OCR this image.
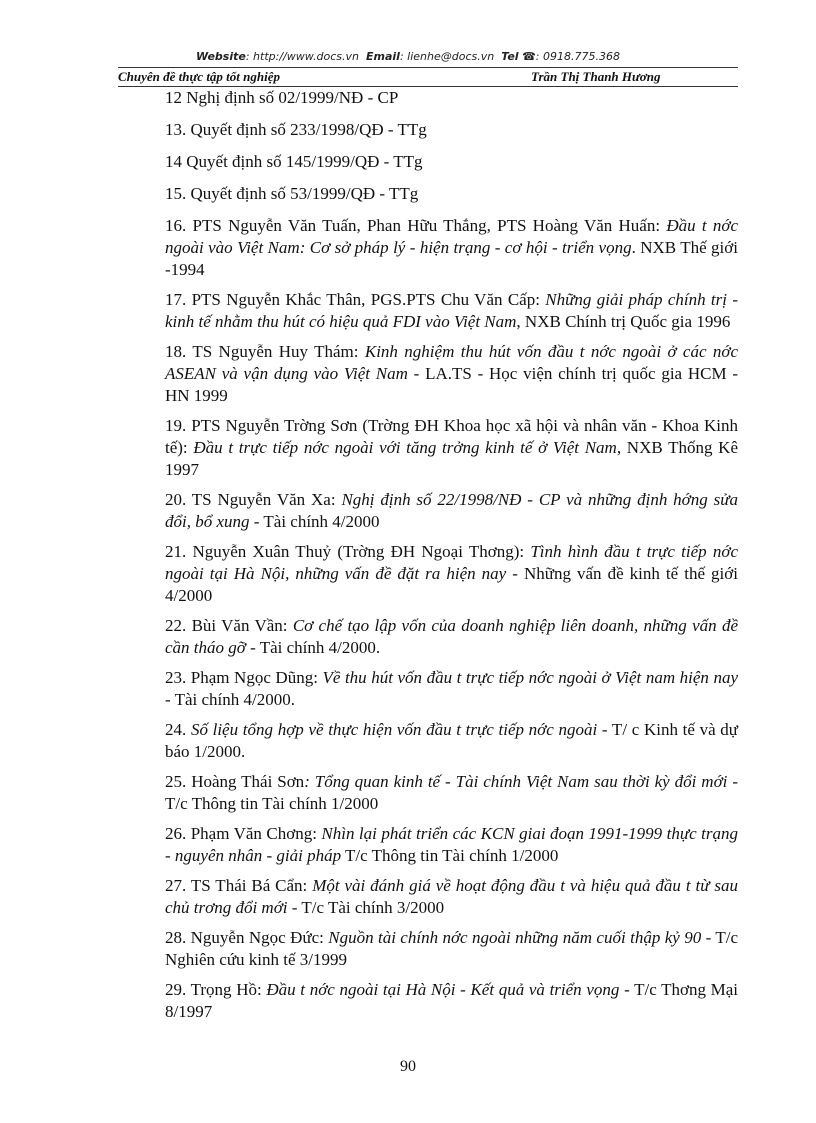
Website: http://www.docs.vn Email: lienhe@docs.vn Tel ☎: 0918.775.368
Chuyên đề thực tập tốt nghiệp	Trần Thị Thanh Hương

12 Nghị định số 02/1999/NĐ - CP

13. Quyết định số 233/1998/QĐ - TTg

14 Quyết định số 145/1999/QĐ - TTg

15. Quyết định số 53/1999/QĐ - TTg

16. PTS Nguyễn Văn Tuấn, Phan Hữu Thắng, PTS Hoàng Văn Huấn: Đầu t nớc ngoài vào Việt Nam: Cơ sở pháp lý - hiện trạng - cơ hội - triển vọng. NXB Thế giới -1994

17. PTS Nguyễn Khắc Thân, PGS.PTS Chu Văn Cấp: Những giải pháp chính trị - kinh tế nhằm thu hút có hiệu quả FDI vào Việt Nam, NXB Chính trị Quốc gia 1996

18. TS Nguyễn Huy Thám: Kinh nghiệm thu hút vốn đầu t nớc ngoài ở các nớc ASEAN và vận dụng vào Việt Nam - LA.TS - Học viện chính trị quốc gia HCM - HN 1999

19. PTS Nguyễn Trờng Sơn (Trờng ĐH Khoa học xã hội và nhân văn - Khoa Kinh tế): Đầu t trực tiếp nớc ngoài với tăng trởng kinh tế ở Việt Nam, NXB Thống Kê 1997

20. TS Nguyễn Văn Xa: Nghị định số 22/1998/NĐ - CP và những định hớng sửa đổi, bổ xung - Tài chính 4/2000

21. Nguyễn Xuân Thuỷ (Trờng ĐH Ngoại Thơng): Tình hình đầu t trực tiếp nớc ngoài tại Hà Nội, những vấn đề đặt ra hiện nay - Những vấn đề kinh tế thế giới 4/2000

22. Bùi Văn Vần: Cơ chế tạo lập vốn của doanh nghiệp liên doanh, những vấn đề cần tháo gỡ - Tài chính 4/2000.

23. Phạm Ngọc Dũng: Về thu hút vốn đầu t trực tiếp nớc ngoài ở Việt nam hiện nay - Tài chính 4/2000.

24. Số liệu tổng hợp về thực hiện vốn đầu t trực tiếp nớc ngoài - T/ c Kinh tế và dự báo 1/2000.

25. Hoàng Thái Sơn: Tổng quan kinh tế - Tài chính Việt Nam sau thời kỳ đổi mới - T/c Thông tin Tài chính 1/2000

26. Phạm Văn Chơng: Nhìn lại phát triển các KCN giai đoạn 1991-1999 thực trạng - nguyên nhân - giải pháp T/c Thông tin Tài chính 1/2000

27. TS Thái Bá Cẩn: Một vài đánh giá về hoạt động đầu t và hiệu quả đầu t từ sau chủ trơng đổi mới - T/c Tài chính 3/2000

28. Nguyễn Ngọc Đức: Nguồn tài chính nớc ngoài những năm cuối thập kỷ 90 - T/c Nghiên cứu kinh tế 3/1999

29. Trọng Hồ: Đầu t nớc ngoài tại Hà Nội - Kết quả và triển vọng - T/c Thơng Mại 8/1997

90
